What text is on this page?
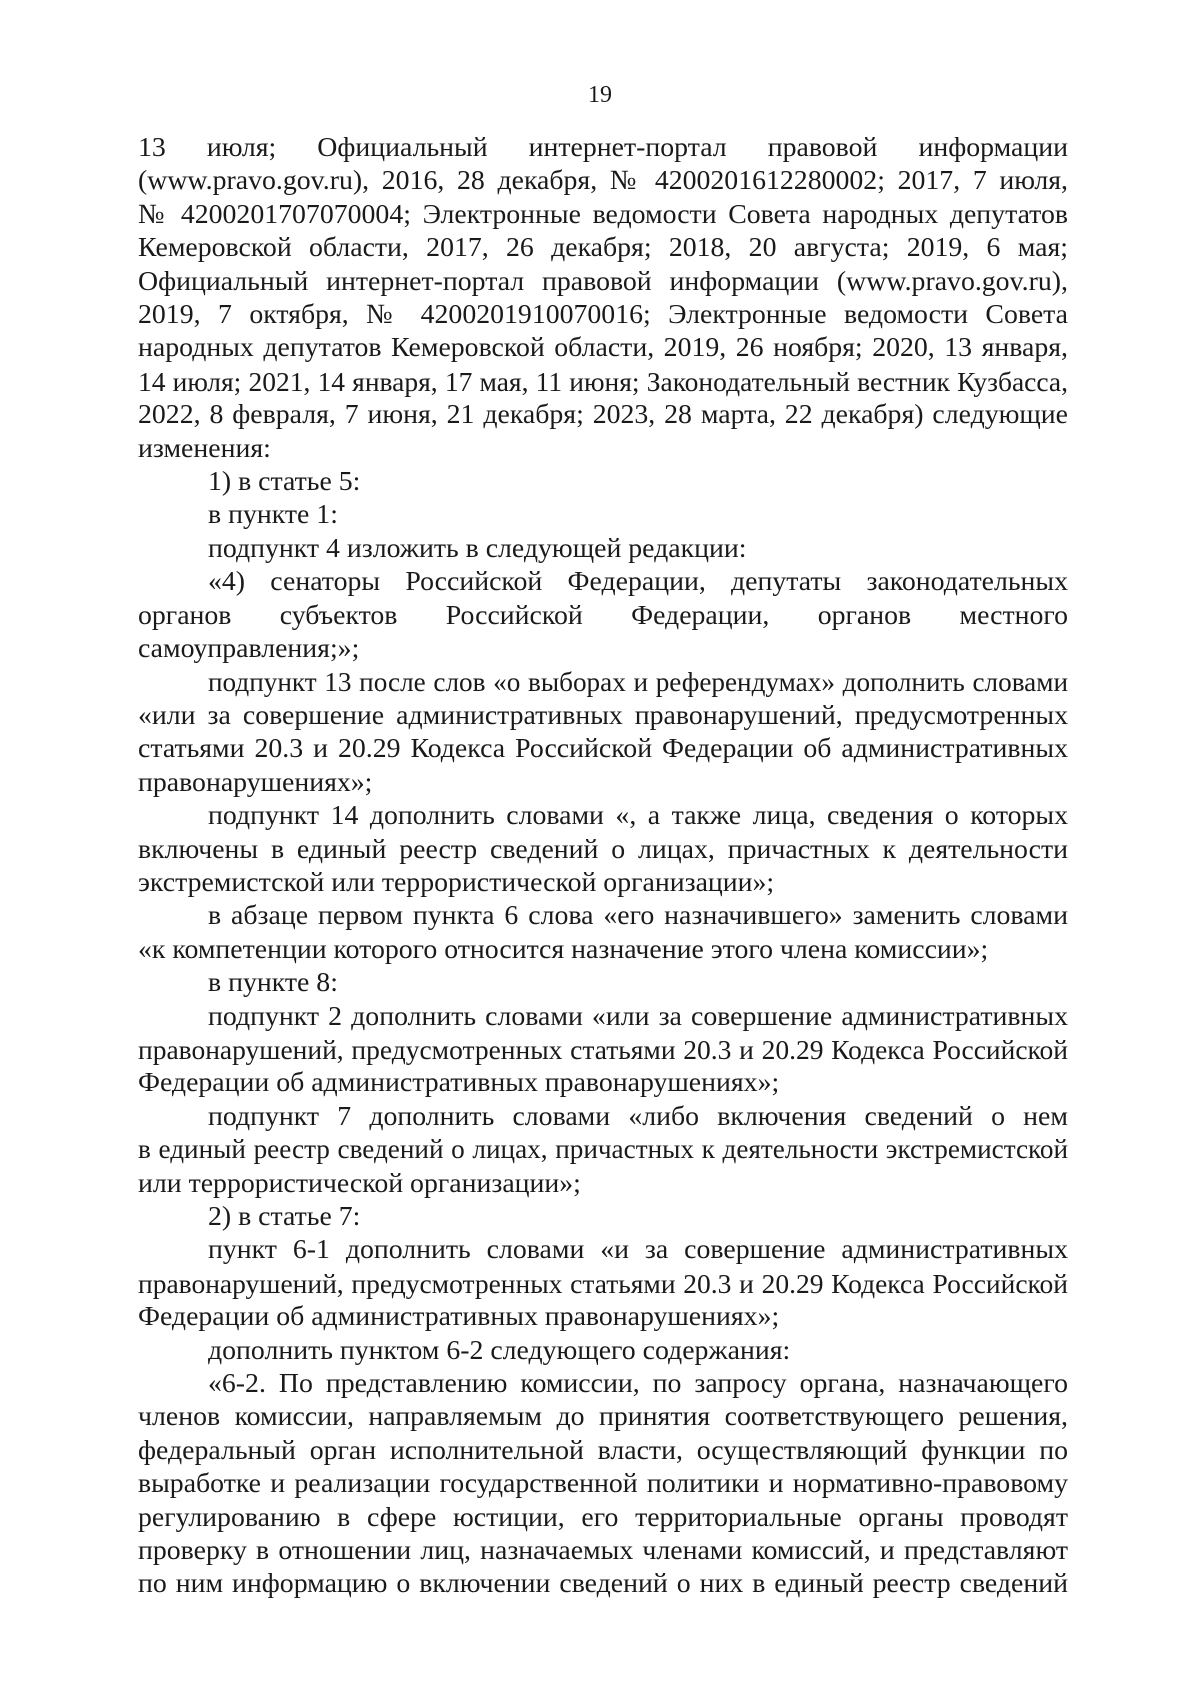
19
13 июля; Официальный интернет-портал правовой информации
(www.pravo.gov.ru), 2016, 28 декабря, № 4200201612280002; 2017, 7 июля,
№ 4200201707070004; Электронные ведомости Совета народных депутатов
Кемеровской области, 2017, 26 декабря; 2018, 20 августа; 2019, 6 мая;
Официальный интернет-портал правовой информации (www.pravo.gov.ru),
2019, 7 октября, № 4200201910070016; Электронные ведомости Совета
народных депутатов Кемеровской области, 2019, 26 ноября; 2020, 13 января,
14 июля; 2021, 14 января, 17 мая, 11 июня; Законодательный вестник Кузбасса,
2022, 8 февраля, 7 июня, 21 декабря; 2023, 28 марта, 22 декабря) следующие
изменения:
1) в статье 5:
в пункте 1:
подпункт 4 изложить в следующей редакции:
«4) сенаторы Российской Федерации, депутаты законодательных
органов субъектов Российской Федерации, органов местного
самоуправления;»;
подпункт 13 после слов «о выборах и референдумах» дополнить словами
«или за совершение административных правонарушений, предусмотренных
статьями 20.3 и 20.29 Кодекса Российской Федерации об административных
правонарушениях»;
подпункт 14 дополнить словами «, а также лица, сведения о которых
включены в единый реестр сведений о лицах, причастных к деятельности
экстремистской или террористической организации»;
в абзаце первом пункта 6 слова «его назначившего» заменить словами
«к компетенции которого относится назначение этого члена комиссии»;
в пункте 8:
подпункт 2 дополнить словами «или за совершение административных
правонарушений, предусмотренных статьями 20.3 и 20.29 Кодекса Российской
Федерации об административных правонарушениях»;
подпункт 7 дополнить словами «либо включения сведений о нем
в единый реестр сведений о лицах, причастных к деятельности экстремистской
или террористической организации»;
2) в статье 7:
пункт 6-1 дополнить словами «и за совершение административных
правонарушений, предусмотренных статьями 20.3 и 20.29 Кодекса Российской
Федерации об административных правонарушениях»;
дополнить пунктом 6-2 следующего содержания:
«6-2. По представлению комиссии, по запросу органа, назначающего
членов комиссии, направляемым до принятия соответствующего решения,
федеральный орган исполнительной власти, осуществляющий функции по
выработке и реализации государственной политики и нормативно-правовому
регулированию в сфере юстиции, его территориальные органы проводят
проверку в отношении лиц, назначаемых членами комиссий, и представляют
по ним информацию о включении сведений о них в единый реестр сведений
